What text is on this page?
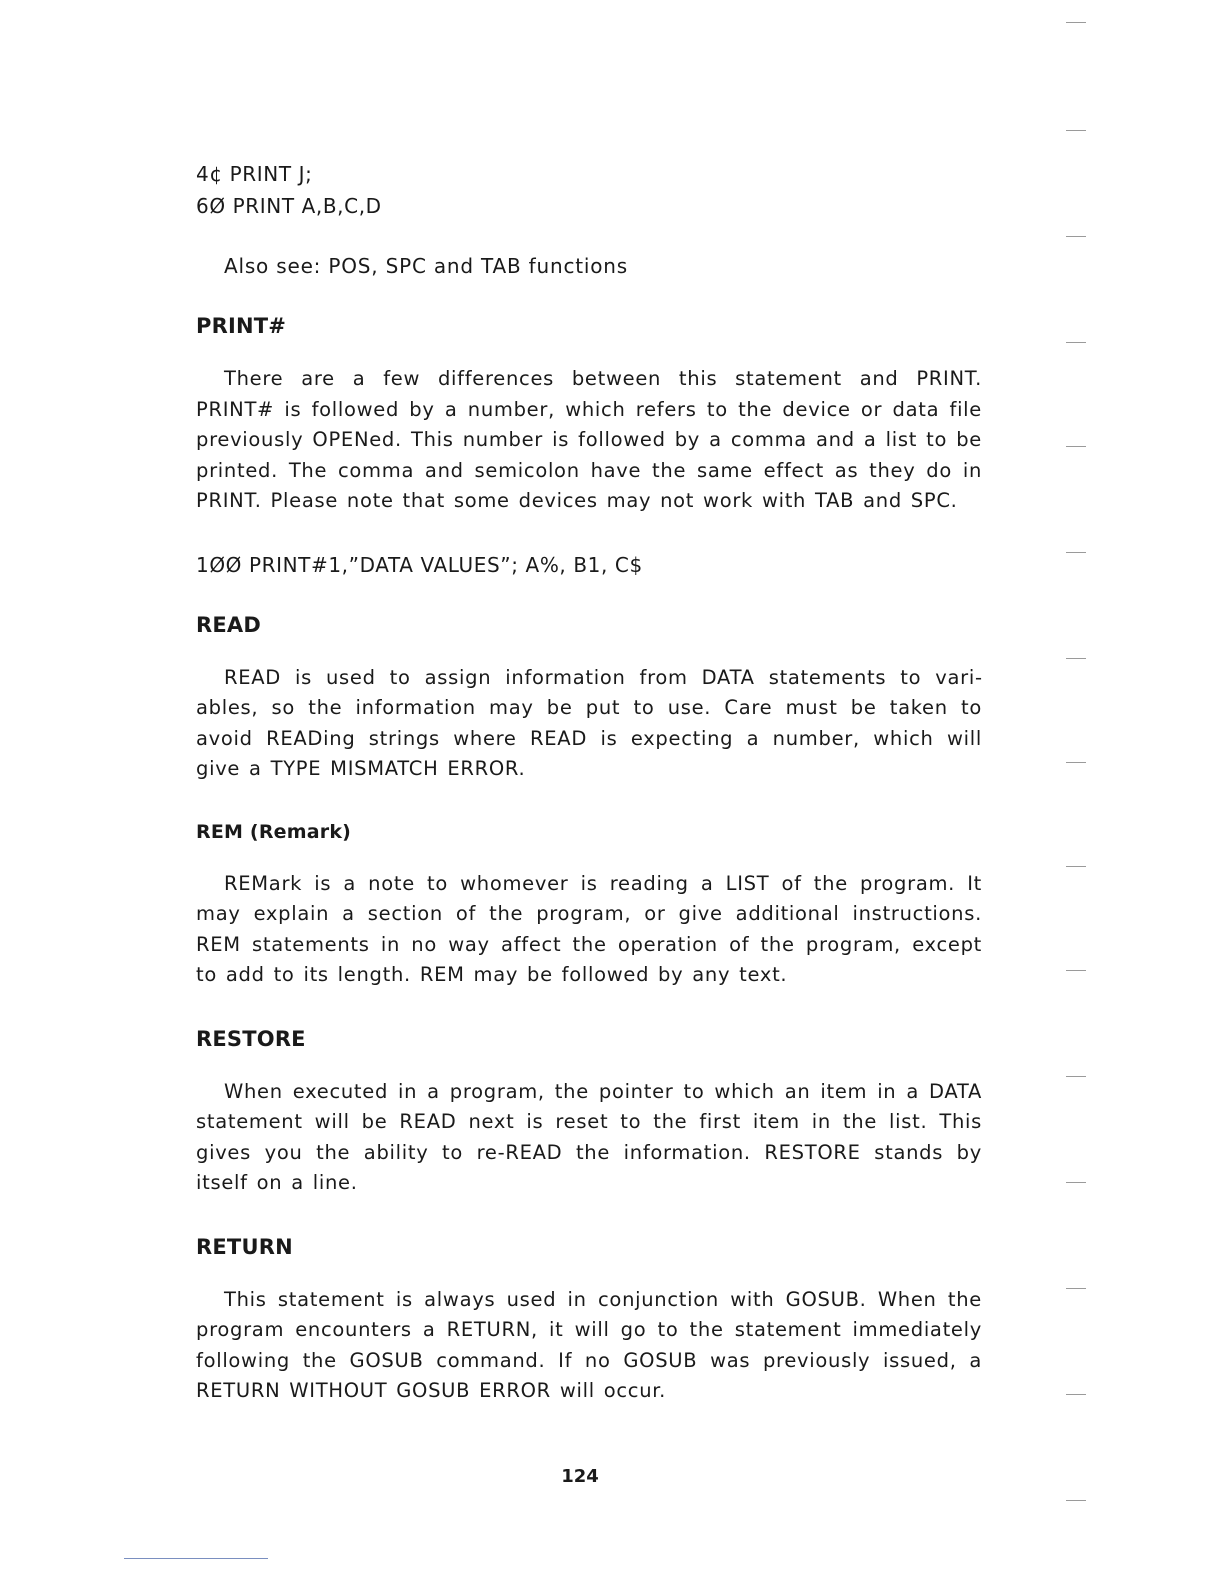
4¢ PRINT J;

6Ø PRINT A,B,C,D

Also see: POS, SPC and TAB functions

PRINT#

There are a few differences between this statement and PRINT. PRINT# is followed by a number, which refers to the device or data file previously OPENed. This number is followed by a comma and a list to be printed. The comma and semicolon have the same effect as they do in PRINT. Please note that some devices may not work with TAB and SPC.

1ØØ PRINT#1,”DATA VALUES”; A%, B1, C$

READ

READ is used to assign information from DATA statements to variables, so the information may be put to use. Care must be taken to avoid READing strings where READ is expecting a number, which will give a TYPE MISMATCH ERROR.

REM (Remark)

REMark is a note to whomever is reading a LIST of the program. It may explain a section of the program, or give additional instructions. REM statements in no way affect the operation of the program, except to add to its length. REM may be followed by any text.

RESTORE

When executed in a program, the pointer to which an item in a DATA statement will be READ next is reset to the first item in the list. This gives you the ability to re-READ the information. RESTORE stands by itself on a line.

RETURN

This statement is always used in conjunction with GOSUB. When the program encounters a RETURN, it will go to the statement immediately following the GOSUB command. If no GOSUB was previously issued, a RETURN WITHOUT GOSUB ERROR will occur.

124
